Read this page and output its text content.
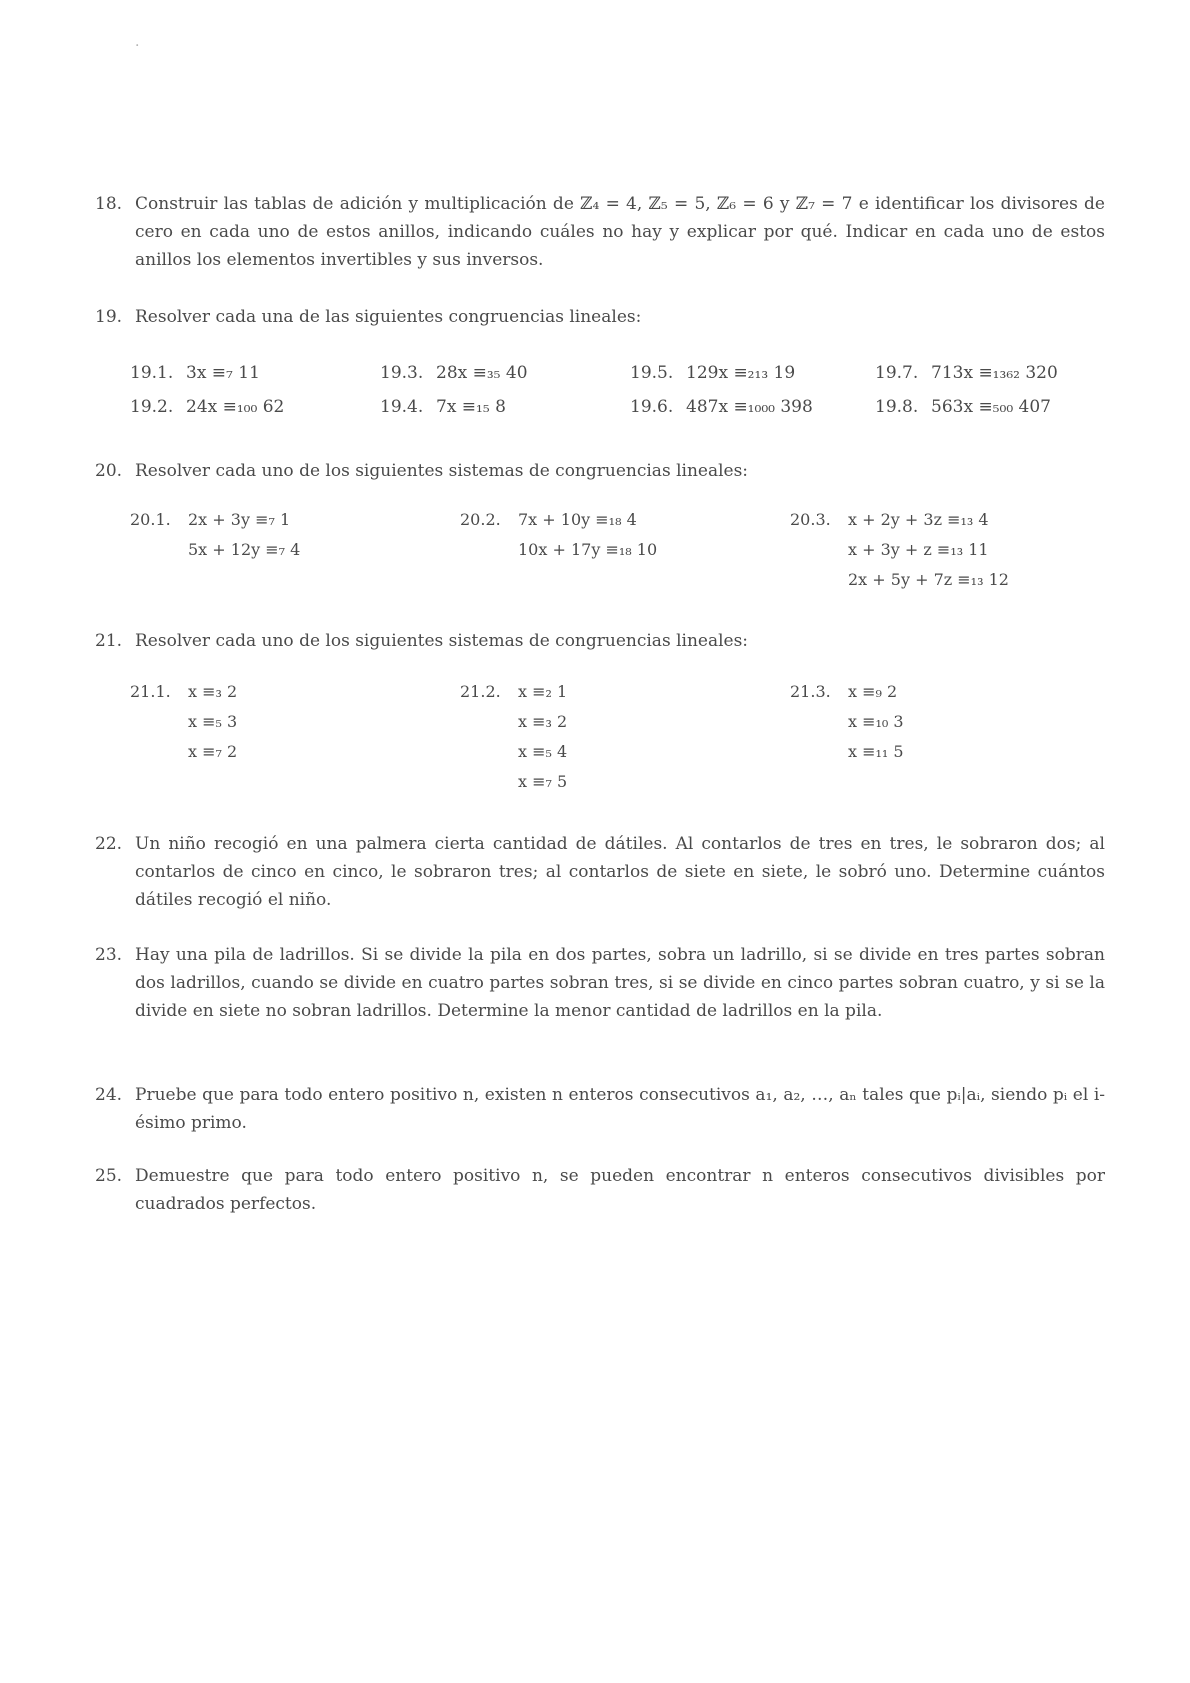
·
18. Construir las tablas de adición y multiplicación de ℤ₄ = 4, ℤ₅ = 5, ℤ₆ = 6 y ℤ₇ = 7 e identificar los divisores de cero en cada uno de estos anillos, indicando cuáles no hay y explicar por qué. Indicar en cada uno de estos anillos los elementos invertibles y sus inversos.
19. Resolver cada una de las siguientes congruencias lineales:
19.1. 3x ≡₇ 11
19.2. 24x ≡₁₀₀ 62
19.3. 28x ≡₃₅ 40
19.4. 7x ≡₁₅ 8
19.5. 129x ≡₂₁₃ 19
19.6. 487x ≡₁₀₀₀ 398
19.7. 713x ≡₁₃₆₂ 320
19.8. 563x ≡₅₀₀ 407
20. Resolver cada uno de los siguientes sistemas de congruencias lineales:
20.1. 2x + 3y ≡₇ 1
5x + 12y ≡₇ 4
20.2. 7x + 10y ≡₁₈ 4
10x + 17y ≡₁₈ 10
20.3. x + 2y + 3z ≡₁₃ 4
x + 3y + z ≡₁₃ 11
2x + 5y + 7z ≡₁₃ 12
21. Resolver cada uno de los siguientes sistemas de congruencias lineales:
21.1. x ≡₃ 2
x ≡₅ 3
x ≡₇ 2
21.2. x ≡₂ 1
x ≡₃ 2
x ≡₅ 4
x ≡₇ 5
21.3. x ≡₉ 2
x ≡₁₀ 3
x ≡₁₁ 5
22. Un niño recogió en una palmera cierta cantidad de dátiles. Al contarlos de tres en tres, le sobraron dos; al contarlos de cinco en cinco, le sobraron tres; al contarlos de siete en siete, le sobró uno. Determine cuántos dátiles recogió el niño.
23. Hay una pila de ladrillos. Si se divide la pila en dos partes, sobra un ladrillo, si se divide en tres partes sobran dos ladrillos, cuando se divide en cuatro partes sobran tres, si se divide en cinco partes sobran cuatro, y si se la divide en siete no sobran ladrillos. Determine la menor cantidad de ladrillos en la pila.
24. Pruebe que para todo entero positivo n, existen n enteros consecutivos a₁, a₂, …, aₙ tales que pᵢ|aᵢ, siendo pᵢ el i-ésimo primo.
25. Demuestre que para todo entero positivo n, se pueden encontrar n enteros consecutivos divisibles por cuadrados perfectos.
